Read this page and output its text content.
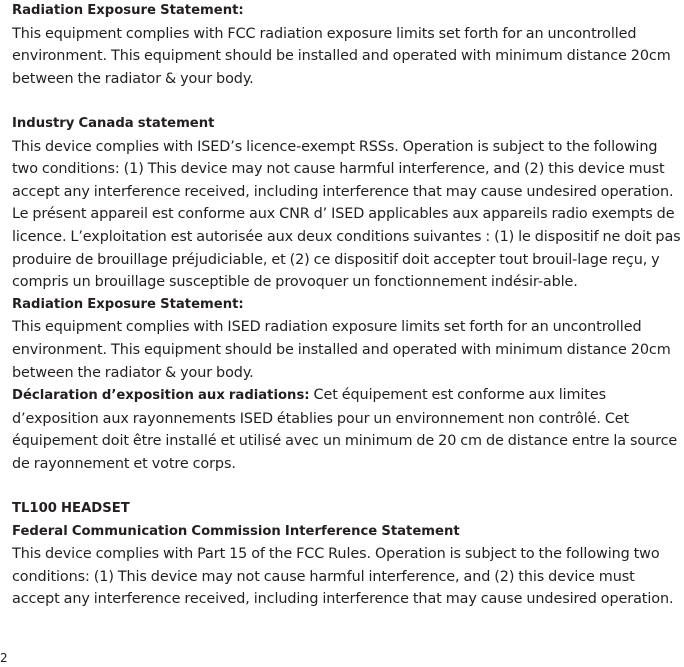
Radiation Exposure Statement:

This equipment complies with FCC radiation exposure limits set forth for an uncontrolled environment. This equipment should be installed and operated with minimum distance 20cm between the radiator & your body.

Industry Canada statement

This device complies with ISED’s licence-exempt RSSs. Operation is subject to the following two conditions: (1) This device may not cause harmful interference, and (2) this device must accept any interference received, including interference that may cause undesired operation.

Le présent appareil est conforme aux CNR d’ ISED applicables aux appareils radio exempts de licence. L’exploitation est autorisée aux deux conditions suivantes : (1) le dispositif ne doit pas produire de brouillage préjudiciable, et (2) ce dispositif doit accepter tout brouil-lage reçu, y compris un brouillage susceptible de provoquer un fonctionnement indésir-able.

Radiation Exposure Statement:

This equipment complies with ISED radiation exposure limits set forth for an uncontrolled environment. This equipment should be installed and operated with minimum distance 20cm between the radiator & your body.

Déclaration d’exposition aux radiations: Cet équipement est conforme aux limites d’exposition aux rayonnements ISED établies pour un environnement non contrôlé. Cet équipement doit être installé et utilisé avec un minimum de 20 cm de distance entre la source de rayonnement et votre corps.

TL100 HEADSET

Federal Communication Commission Interference Statement

This device complies with Part 15 of the FCC Rules. Operation is subject to the following two conditions: (1) This device may not cause harmful interference, and (2) this device must accept any interference received, including interference that may cause undesired operation.

2
